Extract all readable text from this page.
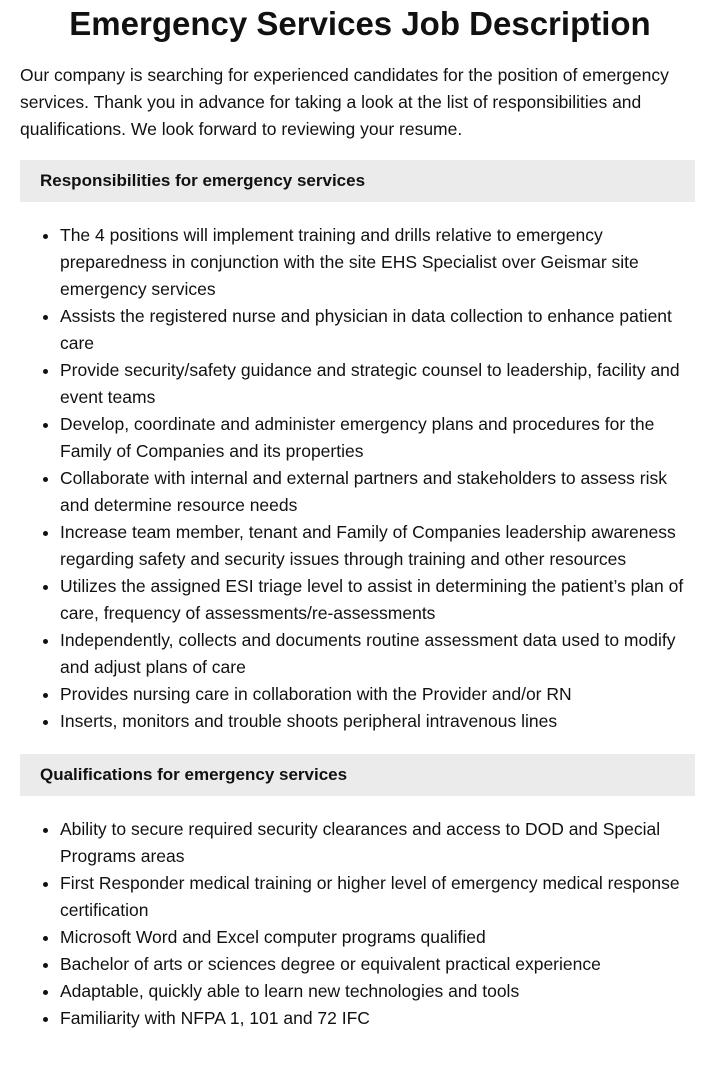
Emergency Services Job Description

Our company is searching for experienced candidates for the position of emergency services. Thank you in advance for taking a look at the list of responsibilities and qualifications. We look forward to reviewing your resume.

Responsibilities for emergency services
• The 4 positions will implement training and drills relative to emergency preparedness in conjunction with the site EHS Specialist over Geismar site emergency services
• Assists the registered nurse and physician in data collection to enhance patient care
• Provide security/safety guidance and strategic counsel to leadership, facility and event teams
• Develop, coordinate and administer emergency plans and procedures for the Family of Companies and its properties
• Collaborate with internal and external partners and stakeholders to assess risk and determine resource needs
• Increase team member, tenant and Family of Companies leadership awareness regarding safety and security issues through training and other resources
• Utilizes the assigned ESI triage level to assist in determining the patient’s plan of care, frequency of assessments/re-assessments
• Independently, collects and documents routine assessment data used to modify and adjust plans of care
• Provides nursing care in collaboration with the Provider and/or RN
• Inserts, monitors and trouble shoots peripheral intravenous lines
Qualifications for emergency services
• Ability to secure required security clearances and access to DOD and Special Programs areas
• First Responder medical training or higher level of emergency medical response certification
• Microsoft Word and Excel computer programs qualified
• Bachelor of arts or sciences degree or equivalent practical experience
• Adaptable, quickly able to learn new technologies and tools
• Familiarity with NFPA 1, 101 and 72 IFC
